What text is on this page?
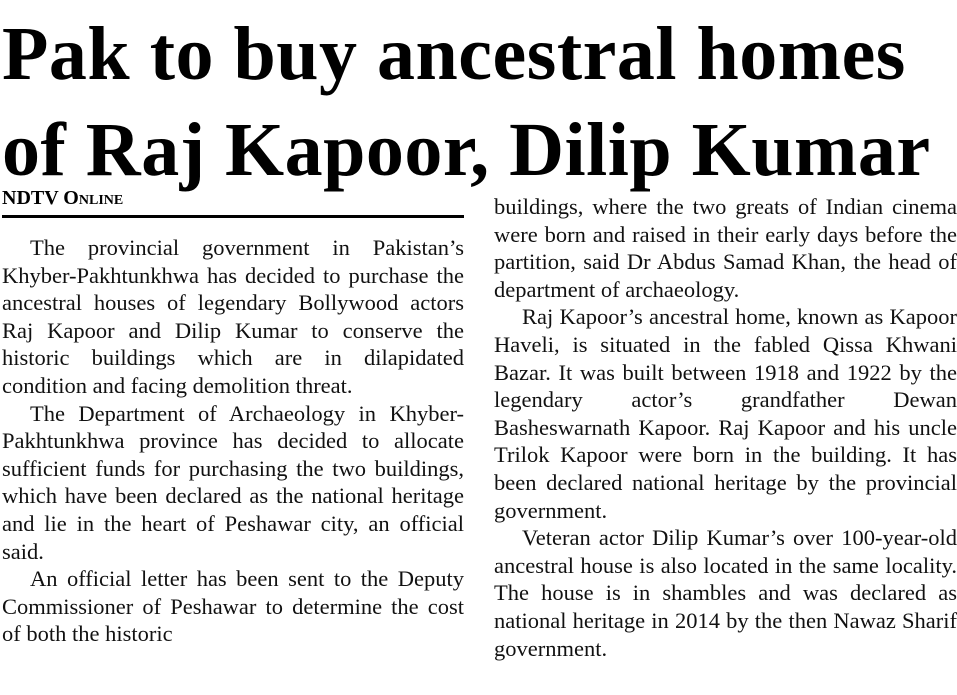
Pak to buy ancestral homes
of Raj Kapoor, Dilip Kumar
NDTV Online

The provincial government in Pakistan’s Khyber-Pakhtunkhwa has decided to purchase the ancestral houses of legendary Bollywood actors Raj Kapoor and Dilip Kumar to conserve the historic buildings which are in dilapidated condition and facing demolition threat.

The Department of Archaeology in Khyber-Pakhtunkhwa province has decided to allocate sufficient funds for purchasing the two buildings, which have been declared as the national heritage and lie in the heart of Peshawar city, an official said.

An official letter has been sent to the Deputy Commissioner of Peshawar to determine the cost of both the historic

buildings, where the two greats of Indian cinema were born and raised in their early days before the partition, said Dr Abdus Samad Khan, the head of department of archaeology.

Raj Kapoor’s ancestral home, known as Kapoor Haveli, is situated in the fabled Qissa Khwani Bazar. It was built between 1918 and 1922 by the legendary actor’s grandfather Dewan Basheswarnath Kapoor. Raj Kapoor and his uncle Trilok Kapoor were born in the building. It has been declared national heritage by the provincial government.

Veteran actor Dilip Kumar’s over 100-year-old ancestral house is also located in the same locality. The house is in shambles and was declared as national heritage in 2014 by the then Nawaz Sharif government.
